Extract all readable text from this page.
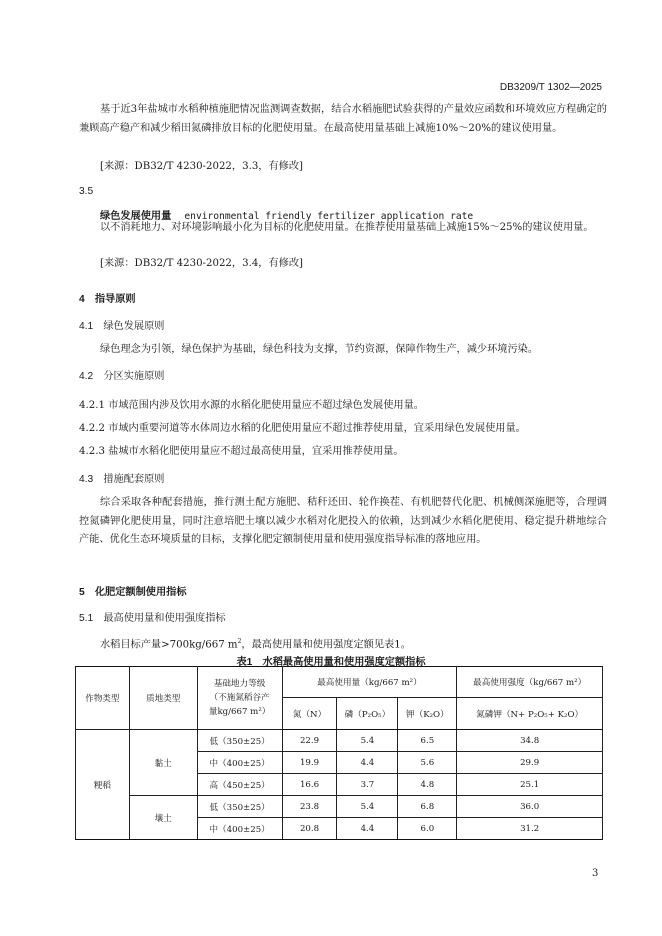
DB3209/T 1302—2025
基于近3年盐城市水稻种植施肥情况监测调查数据，结合水稻施肥试验获得的产量效应函数和环境效应方程确定的兼顾高产稳产和减少稻田氮磷排放目标的化肥使用量。在最高使用量基础上减施10%～20%的建议使用量。
[来源：DB32/T 4230-2022，3.3，有修改]
3.5
绿色发展使用量 environmental friendly fertilizer application rate
以不消耗地力、对环境影响最小化为目标的化肥使用量。在推荐使用量基础上减施15%～25%的建议使用量。
[来源：DB32/T 4230-2022，3.4，有修改]
4　指导原则
4.1　绿色发展原则
绿色理念为引领，绿色保护为基础，绿色科技为支撑，节约资源，保障作物生产，减少环境污染。
4.2　分区实施原则
4.2.1 市域范围内涉及饮用水源的水稻化肥使用量应不超过绿色发展使用量。
4.2.2 市域内重要河道等水体周边水稻的化肥使用量应不超过推荐使用量，宜采用绿色发展使用量。
4.2.3 盐城市水稻化肥使用量应不超过最高使用量，宜采用推荐使用量。
4.3　措施配套原则
综合采取各种配套措施，推行测土配方施肥、秸秆还田、轮作换茬、有机肥替代化肥、机械侧深施肥等，合理调控氮磷钾化肥使用量，同时注意培肥土壤以减少水稻对化肥投入的依赖，达到减少水稻化肥使用、稳定提升耕地综合产能、优化生态环境质量的目标，支撑化肥定额制使用量和使用强度指导标准的落地应用。
5　化肥定额制使用指标
5.1　最高使用量和使用强度指标
水稻目标产量>700kg/667 $m^2$，最高使用量和使用强度定额见表1。
表1　水稻最高使用量和使用强度定额指标
作物类型	质地类型	基础地力等级
（不施氮稻谷产
量kg/667 m²）	最高使用量（kg/667 m²）			最高使用强度（kg/667 m²）
			氮（N）	磷（P₂O₅）	钾（K₂O）	氮磷钾（N+ P₂O₅+ K₂O）
粳稻	黏土	低（350±25）	22.9	5.4	6.5	34.8
		中（400±25）	19.9	4.4	5.6	29.9
		高（450±25）	16.6	3.7	4.8	25.1
	壤土	低（350±25）	23.8	5.4	6.8	36.0
		中（400±25）	20.8	4.4	6.0	31.2
3
